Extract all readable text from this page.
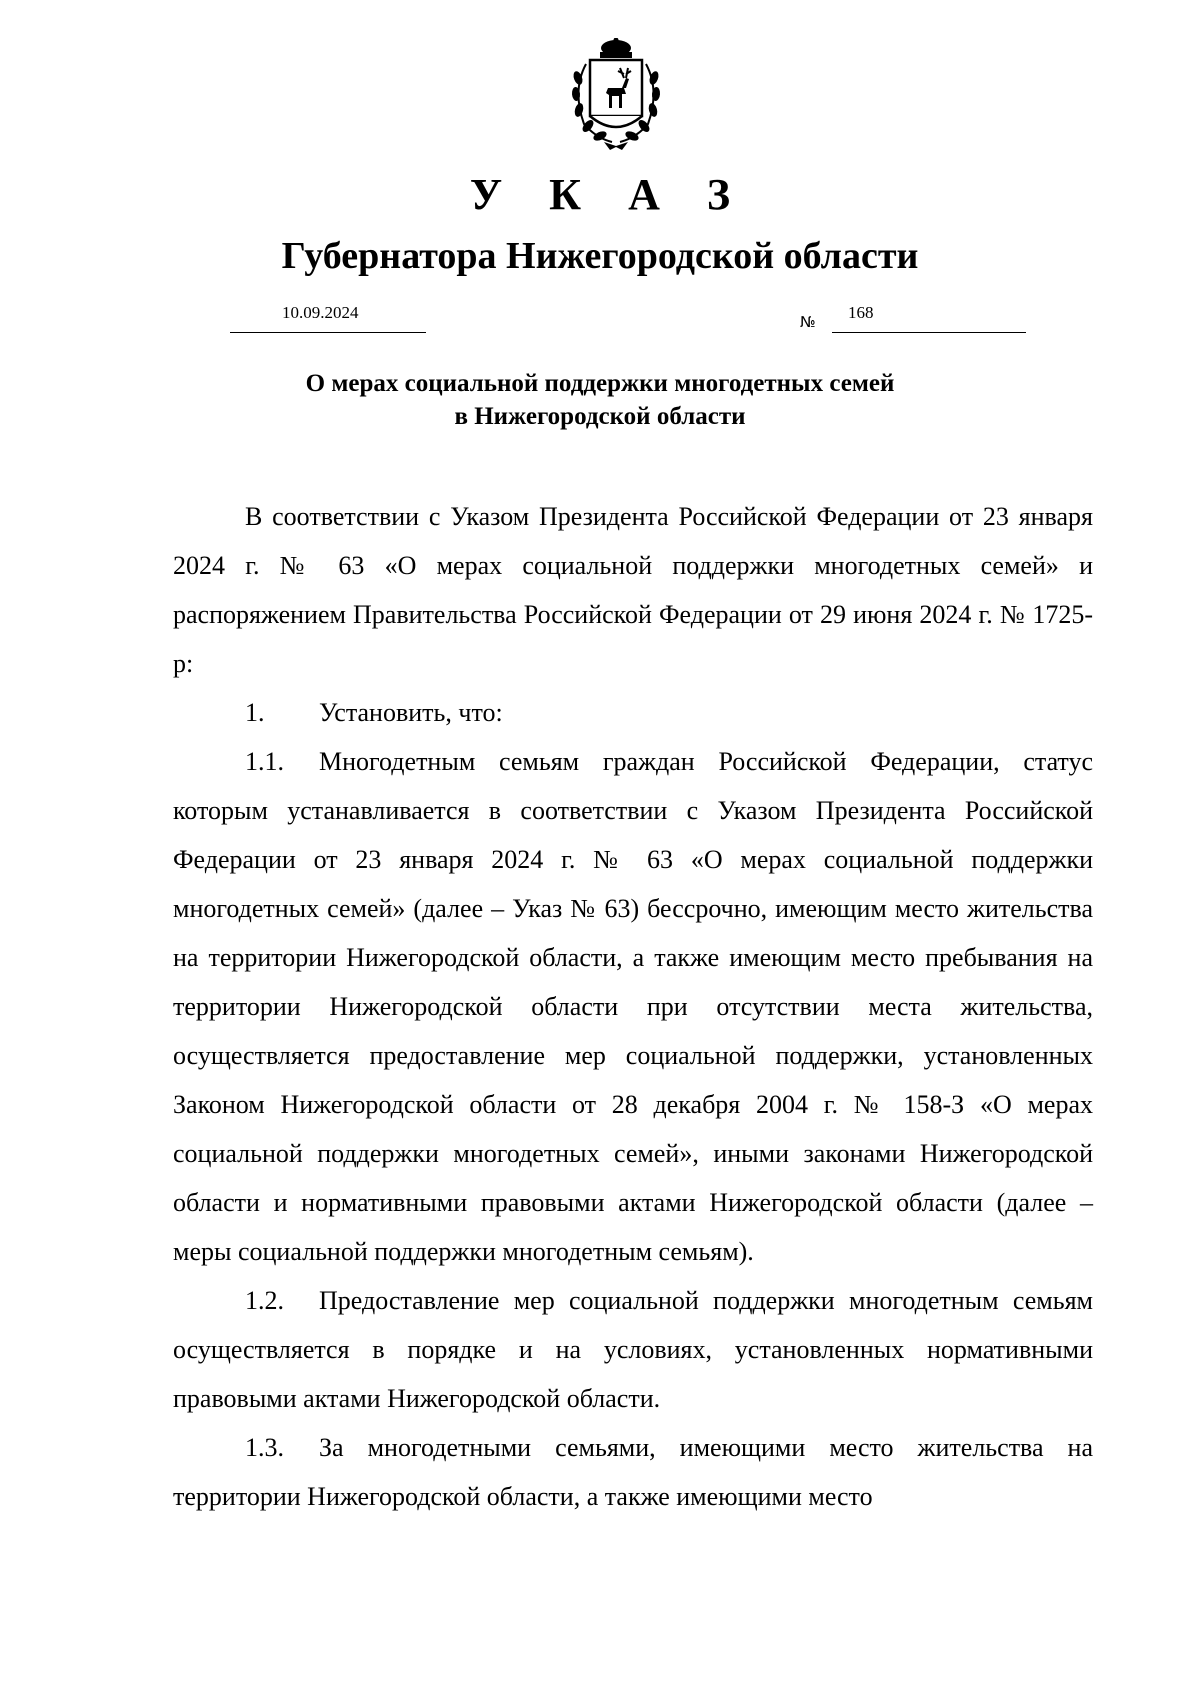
У К А З
Губернатора Нижегородской области
10.09.2024	№ 168
О мерах социальной поддержки многодетных семей
в Нижегородской области

В соответствии с Указом Президента Российской Федерации от 23 января 2024 г. № 63 «О мерах социальной поддержки многодетных семей» и распоряжением Правительства Российской Федерации от 29 июня 2024 г. № 1725-р:

1. Установить, что:

1.1. Многодетным семьям граждан Российской Федерации, статус которым устанавливается в соответствии с Указом Президента Российской Федерации от 23 января 2024 г. № 63 «О мерах социальной поддержки многодетных семей» (далее – Указ № 63) бессрочно, имеющим место жительства на территории Нижегородской области, а также имеющим место пребывания на территории Нижегородской области при отсутствии места жительства, осуществляется предоставление мер социальной поддержки, установленных Законом Нижегородской области от 28 декабря 2004 г. № 158-З «О мерах социальной поддержки многодетных семей», иными законами Нижегородской области и нормативными правовыми актами Нижегородской области (далее – меры социальной поддержки многодетным семьям).

1.2. Предоставление мер социальной поддержки многодетным семьям осуществляется в порядке и на условиях, установленных нормативными правовыми актами Нижегородской области.

1.3. За многодетными семьями, имеющими место жительства на территории Нижегородской области, а также имеющими место
